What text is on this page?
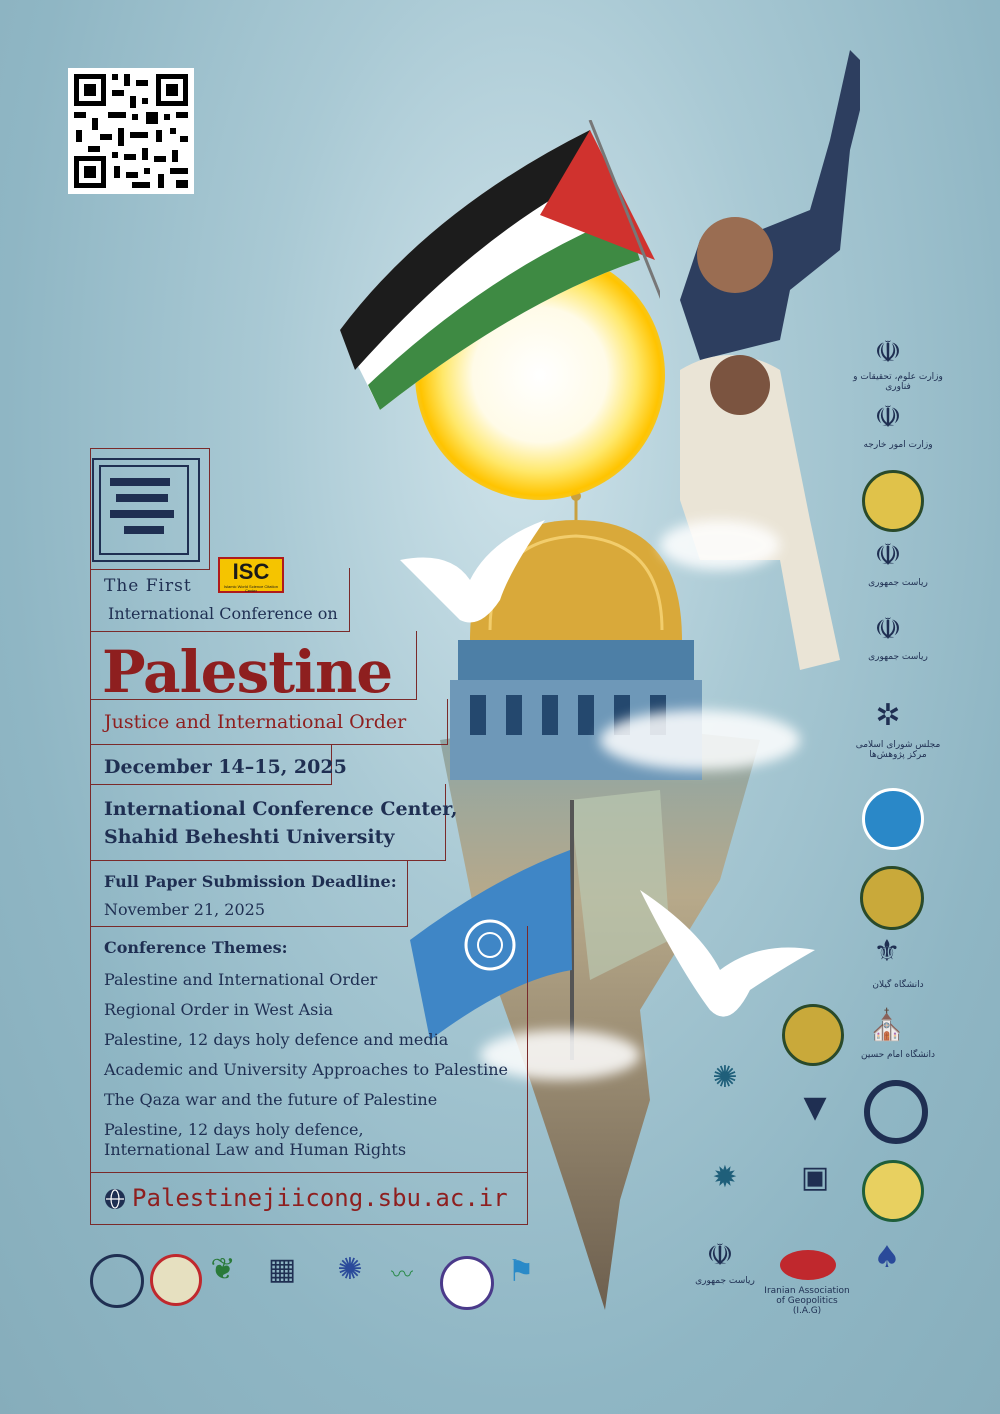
ISC
Islamic World Science Citation Center
The First
International Conference on
Palestine
Justice and International Order
December 14–15, 2025
International Conference Center,
Shahid Beheshti University
Full Paper Submission Deadline:
November 21, 2025
Conference Themes:
Palestine and International Order
Regional Order in West Asia
Palestine, 12 days holy defence and media
Academic and University Approaches to Palestine
The Qaza war and the future of Palestine
Palestine, 12 days holy defence,
International Law and Human Rights
Palestinejiicong.sbu.ac.ir
☫
وزارت علوم، تحقیقات و فناوری
☫
وزارت امور خارجه
☫
ریاست جمهوری
☫
ریاست جمهوری
✲
مجلس شورای اسلامی مرکز پژوهش‌ها
⚜
دانشگاه گیلان
⛪
دانشگاه امام حسین
♠
✺
▼
✹	▣
☫
ریاست جمهوری
Iranian Association of Geopolitics (I.A.G)
❦	▦	✺	〰	⚑
